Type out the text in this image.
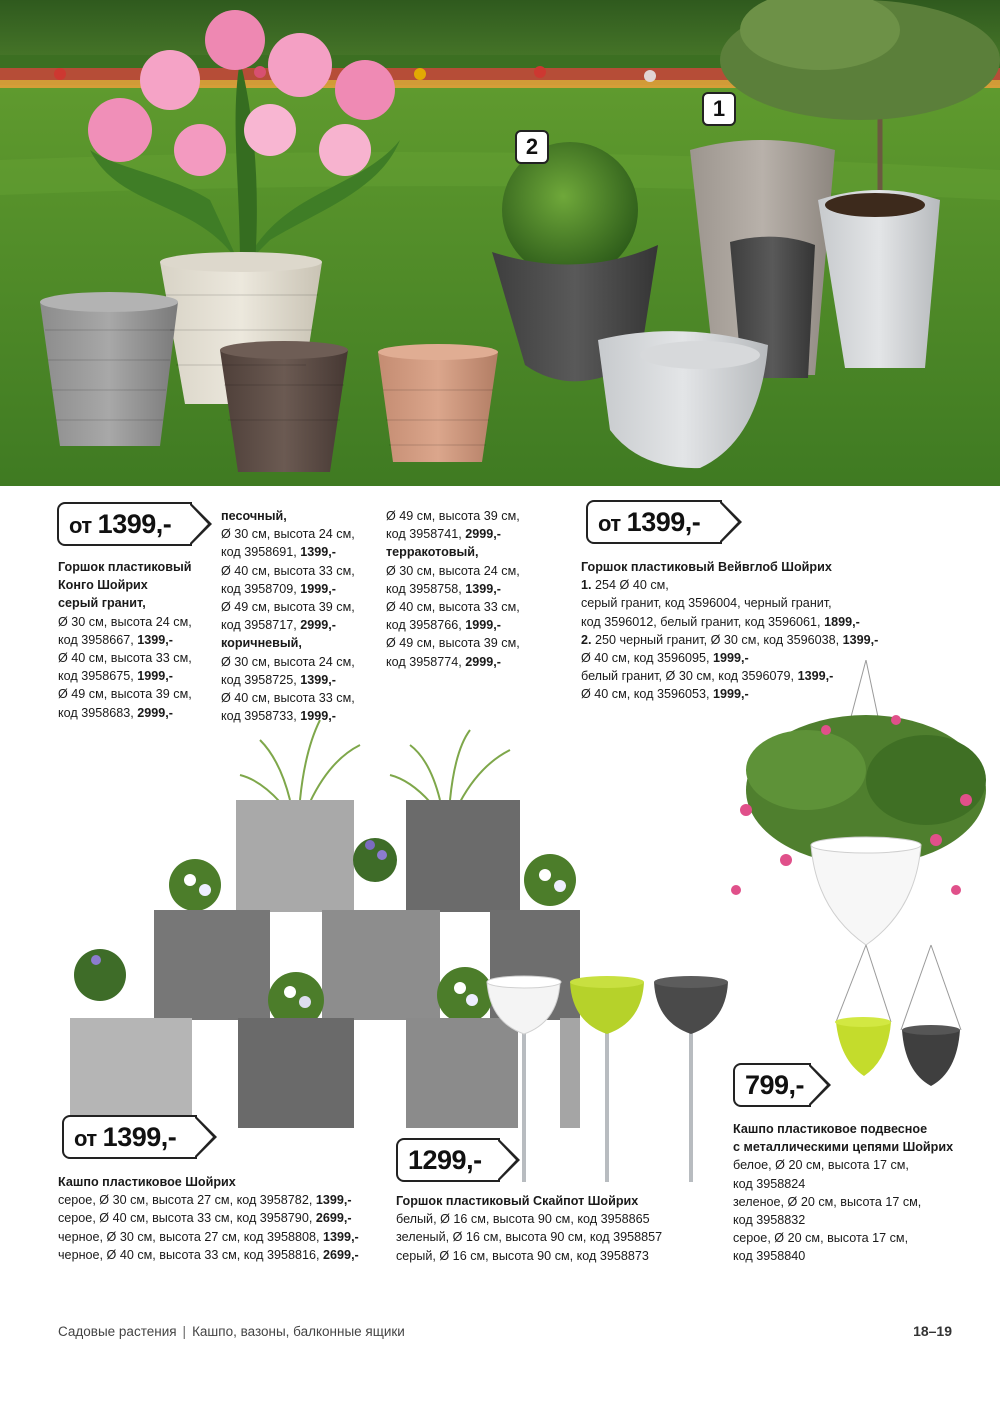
2
1
от 1399,-
Горшок пластиковый
Конго Шойрих
серый гранит,
Ø 30 см, высота 24 см,
код 3958667, 1399,-
Ø 40 см, высота 33 см,
код 3958675, 1999,-
Ø 49 см, высота 39 см,
код 3958683, 2999,-
песочный,
Ø 30 см, высота 24 см,
код 3958691, 1399,-
Ø 40 см, высота 33 см,
код 3958709, 1999,-
Ø 49 см, высота 39 см,
код 3958717, 2999,-
коричневый,
Ø 30 см, высота 24 см,
код 3958725, 1399,-
Ø 40 см, высота 33 см,
код 3958733, 1999,-
Ø 49 см, высота 39 см,
код 3958741, 2999,-
терракотовый,
Ø 30 см, высота 24 см,
код 3958758, 1399,-
Ø 40 см, высота 33 см,
код 3958766, 1999,-
Ø 49 см, высота 39 см,
код 3958774, 2999,-
от 1399,-
Горшок пластиковый Вейвглоб Шойрих
1. 254 Ø 40 см,
серый гранит, код 3596004, черный гранит,
код 3596012, белый гранит, код 3596061, 1899,-
2. 250 черный гранит, Ø 30 см, код 3596038, 1399,-
Ø 40 см, код 3596095, 1999,-
белый гранит, Ø 30 см, код 3596079, 1399,-
Ø 40 см, код 3596053, 1999,-
от 1399,-
Кашпо пластиковое Шойрих
серое, Ø 30 см, высота 27 см, код 3958782, 1399,-
серое, Ø 40 см, высота 33 см, код 3958790, 2699,-
черное, Ø 30 см, высота 27 см, код 3958808, 1399,-
черное, Ø 40 см, высота 33 см, код 3958816, 2699,-
1299,-
Горшок пластиковый Скайпот Шойрих
белый, Ø 16 см, высота 90 см, код 3958865
зеленый, Ø 16 см, высота 90 см, код 3958857
серый, Ø 16 см, высота 90 см, код 3958873
799,-
Кашпо пластиковое подвесное
с металлическими цепями Шойрих
белое, Ø 20 см, высота 17 см,
код 3958824
зеленое, Ø 20 см, высота 17 см,
код 3958832
серое, Ø 20 см, высота 17 см,
код 3958840
Садовые растения | Кашпо, вазоны, балконные ящики	18–19
